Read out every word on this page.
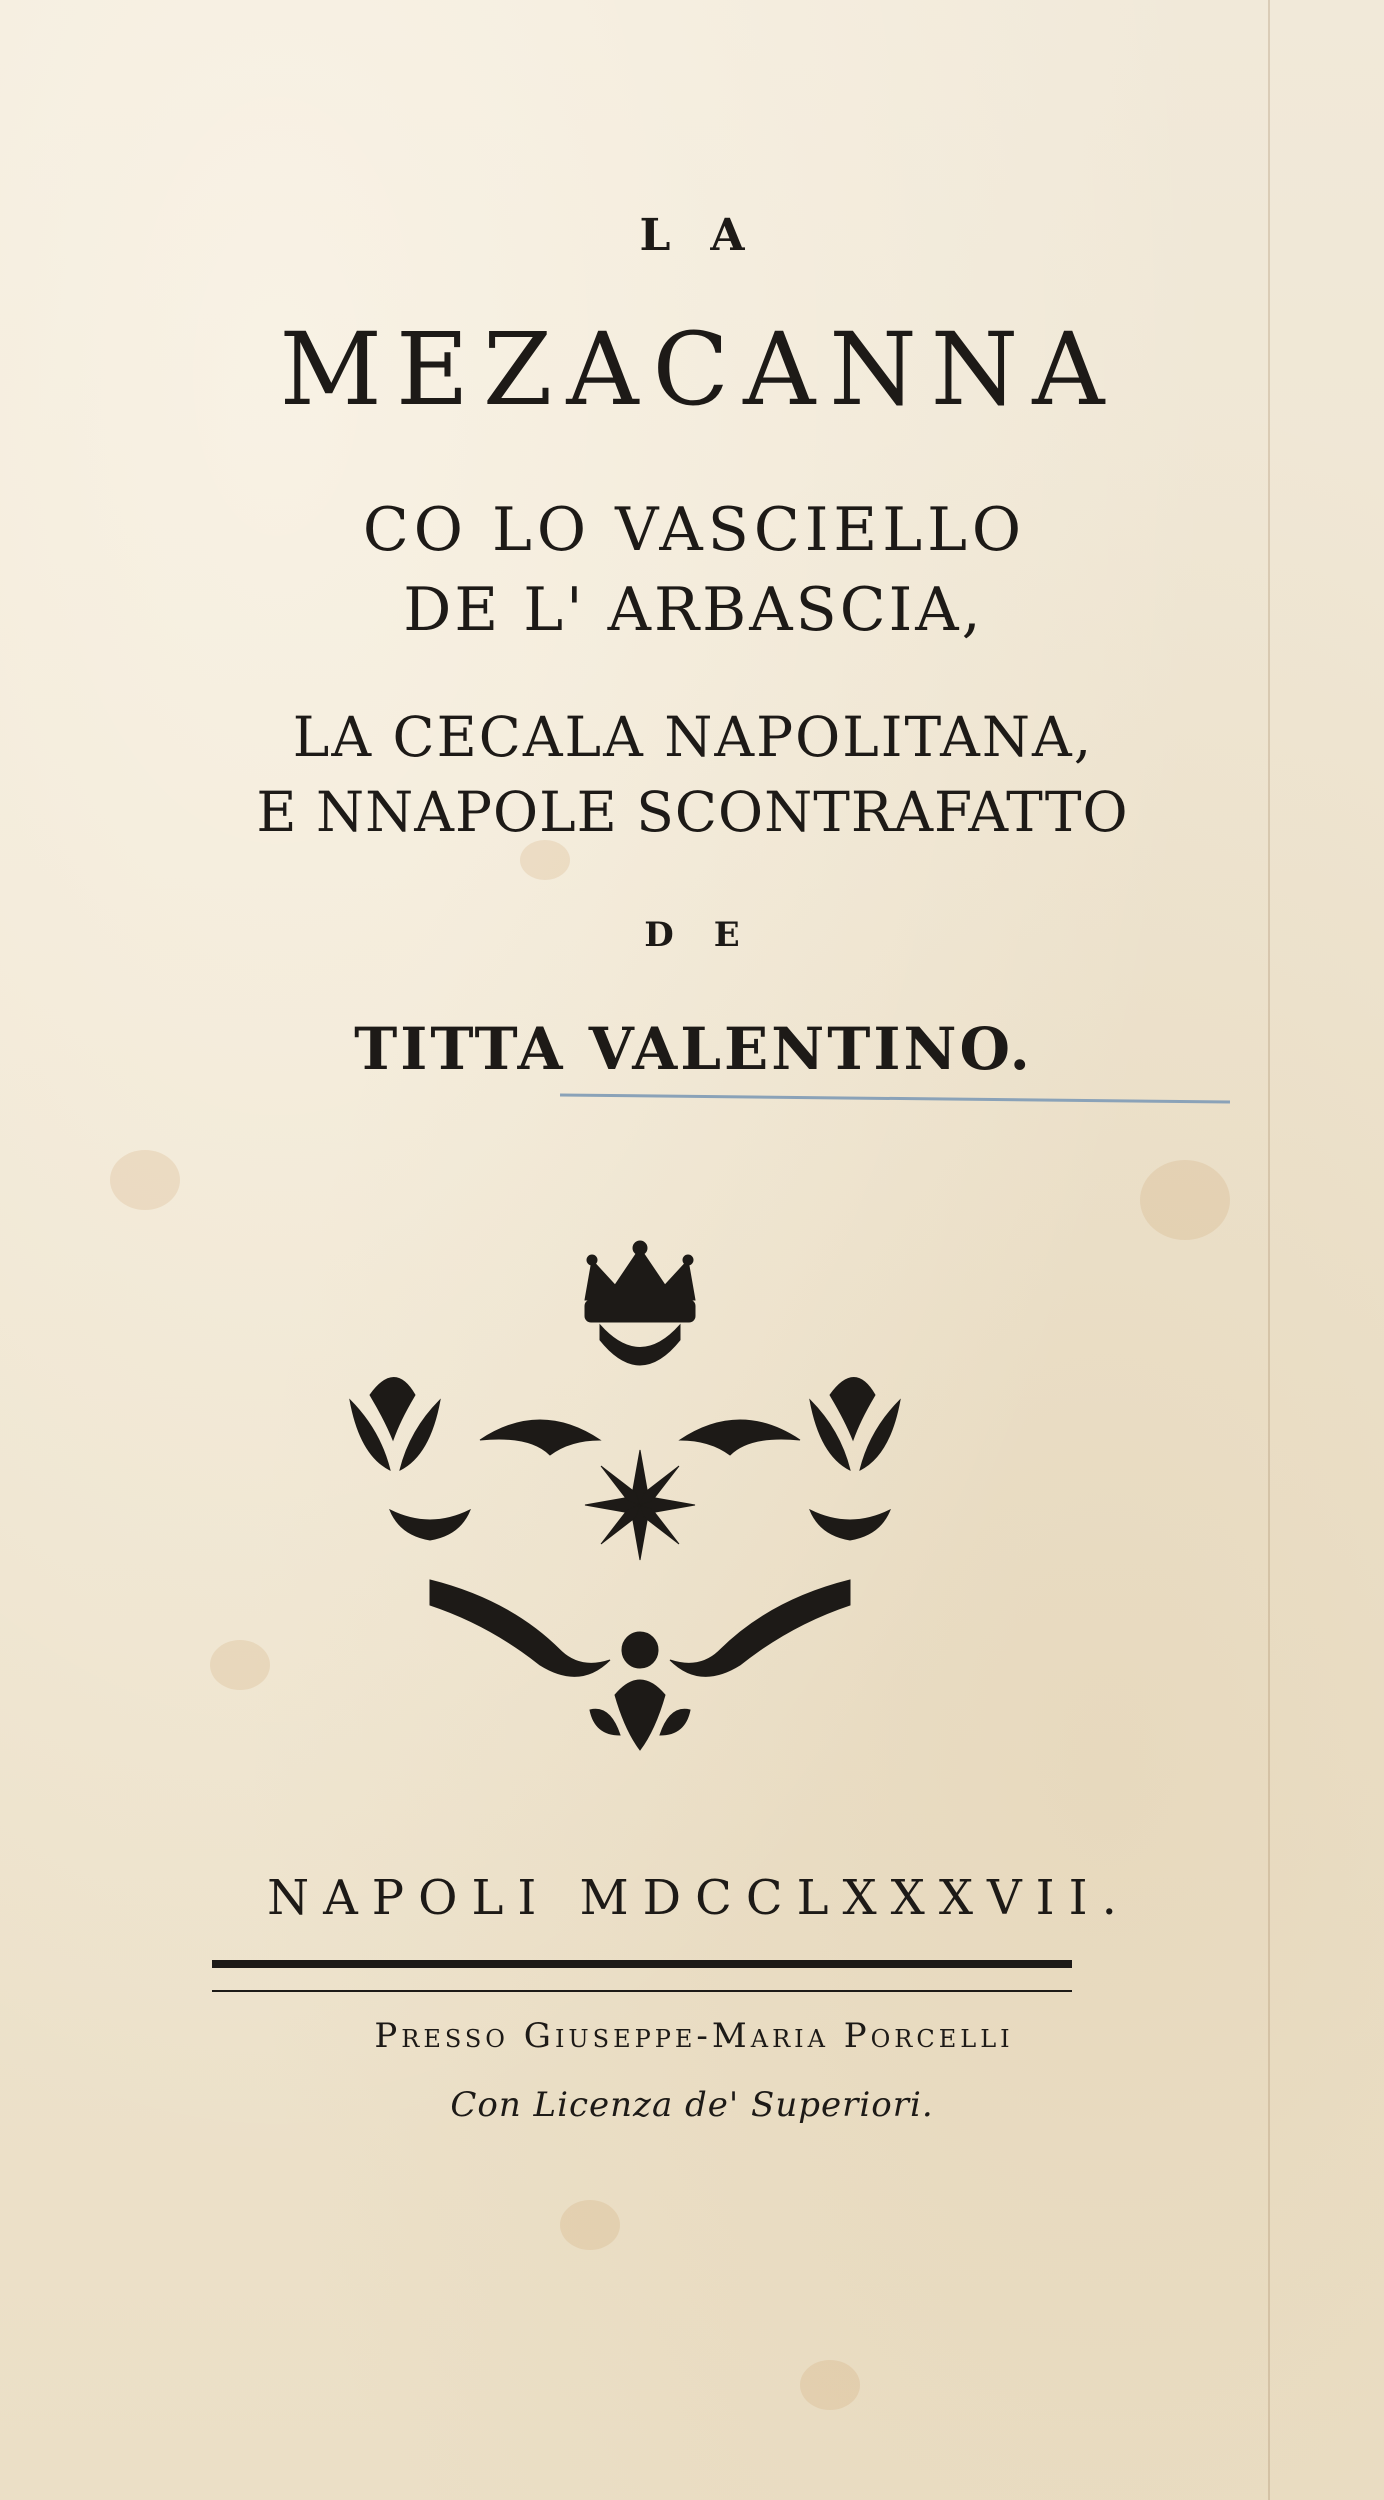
LA
MEZACANNA
CO LO VASCIELLO
DE L' ARBASCIA,
LA CECALA NAPOLITANA,
E NNAPOLE SCONTRAFATTO
DE
TITTA VALENTINO.
NAPOLI MDCCLXXXVII.
Presso Giuseppe-Maria Porcelli
Con Licenza de' Superiori.
